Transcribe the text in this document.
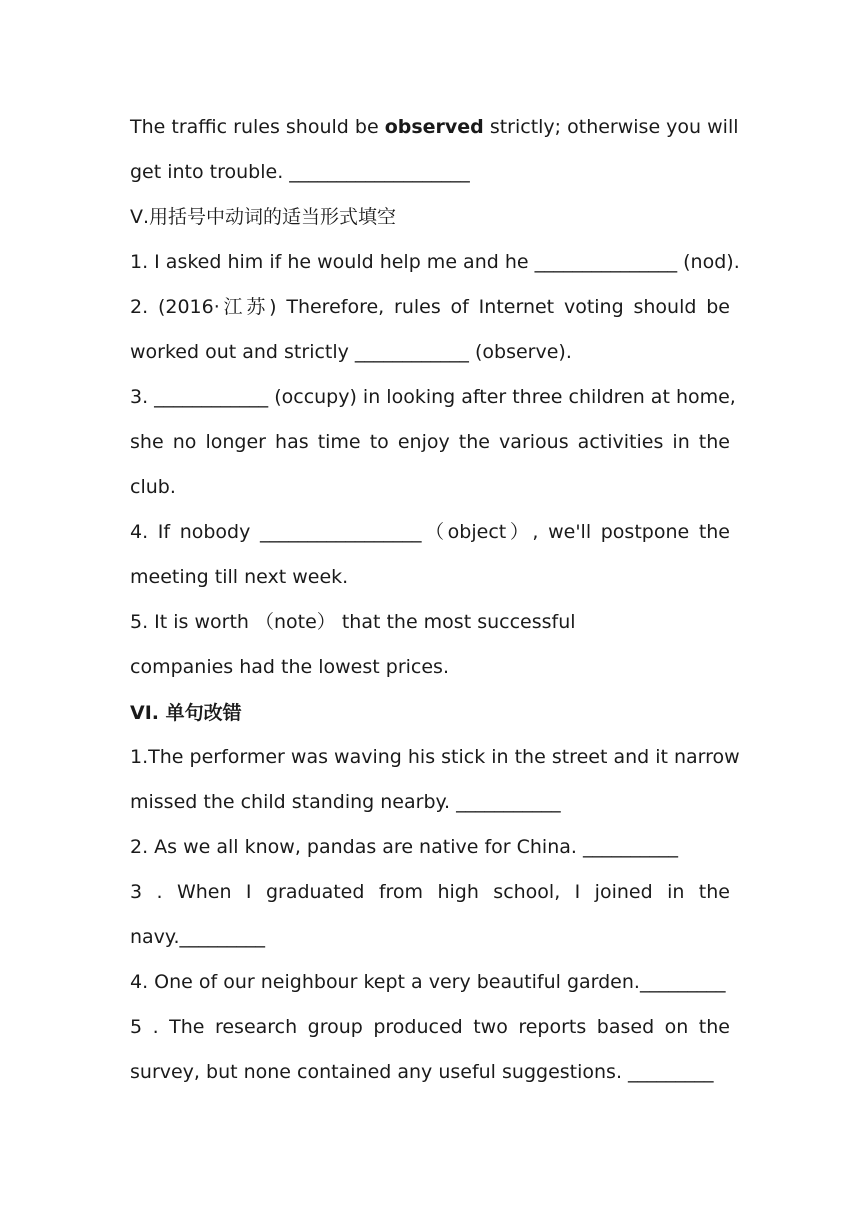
The traffic rules should be observed strictly; otherwise you will
get into trouble. ___________________
Ⅴ.用括号中动词的适当形式填空
1. I asked him if he would help me and he _______________ (nod).
2. (2016·江苏) Therefore, rules of Internet voting should be
worked out and strictly ____________ (observe).
3. ____________ (occupy) in looking after three children at home,
she no longer has time to enjoy the various activities in the
club.
4. If nobody _________________（object）, we'll postpone the
meeting till next week.
5. It is worth （note） that the most successful
companies had the lowest prices.
VI. 单句改错
1.The performer was waving his stick in the street and it narrow
missed the child standing nearby. ___________
2. As we all know, pandas are native for China. __________
3 . When I graduated from high school, I joined in the
navy._________
4. One of our neighbour kept a very beautiful garden._________
5 . The research group produced two reports based on the
survey, but none contained any useful suggestions. _________
